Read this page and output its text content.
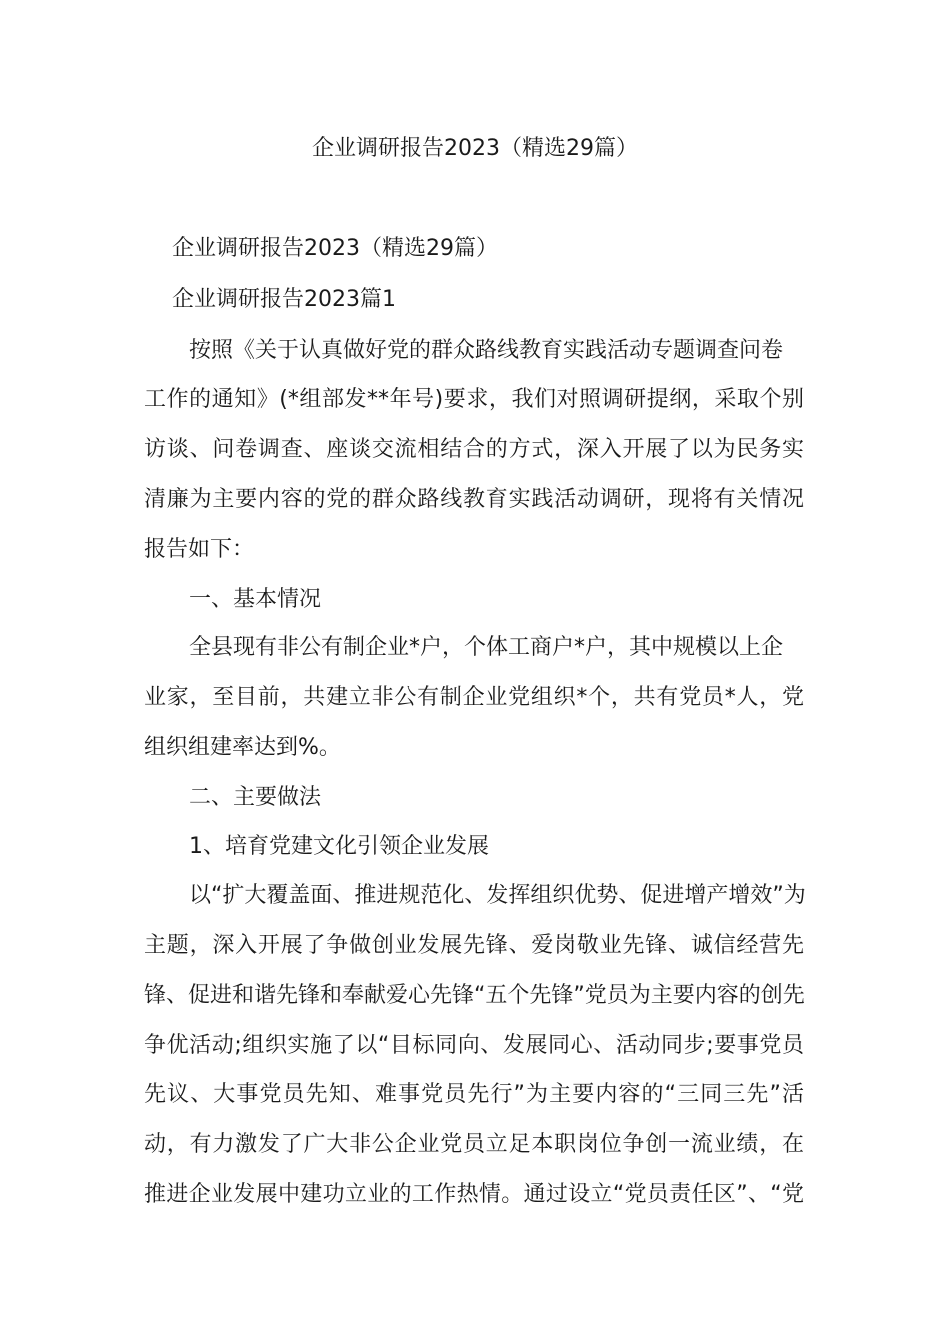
企业调研报告2023（精选29篇）
企业调研报告2023（精选29篇）
企业调研报告2023篇1
按照《关于认真做好党的群众路线教育实践活动专题调查问卷
工作的通知》(*组部发**年号)要求，我们对照调研提纲，采取个别
访谈、问卷调查、座谈交流相结合的方式，深入开展了以为民务实
清廉为主要内容的党的群众路线教育实践活动调研，现将有关情况
报告如下：
一、基本情况
全县现有非公有制企业*户，个体工商户*户，其中规模以上企
业家，至目前，共建立非公有制企业党组织*个，共有党员*人，党
组织组建率达到%。
二、主要做法
1、培育党建文化引领企业发展
以“扩大覆盖面、推进规范化、发挥组织优势、促进增产增效”为
主题，深入开展了争做创业发展先锋、爱岗敬业先锋、诚信经营先
锋、促进和谐先锋和奉献爱心先锋“五个先锋”党员为主要内容的创先
争优活动;组织实施了以“目标同向、发展同心、活动同步;要事党员
先议、大事党员先知、难事党员先行”为主要内容的“三同三先”活
动，有力激发了广大非公企业党员立足本职岗位争创一流业绩，在
推进企业发展中建功立业的工作热情。通过设立“党员责任区”、“党
